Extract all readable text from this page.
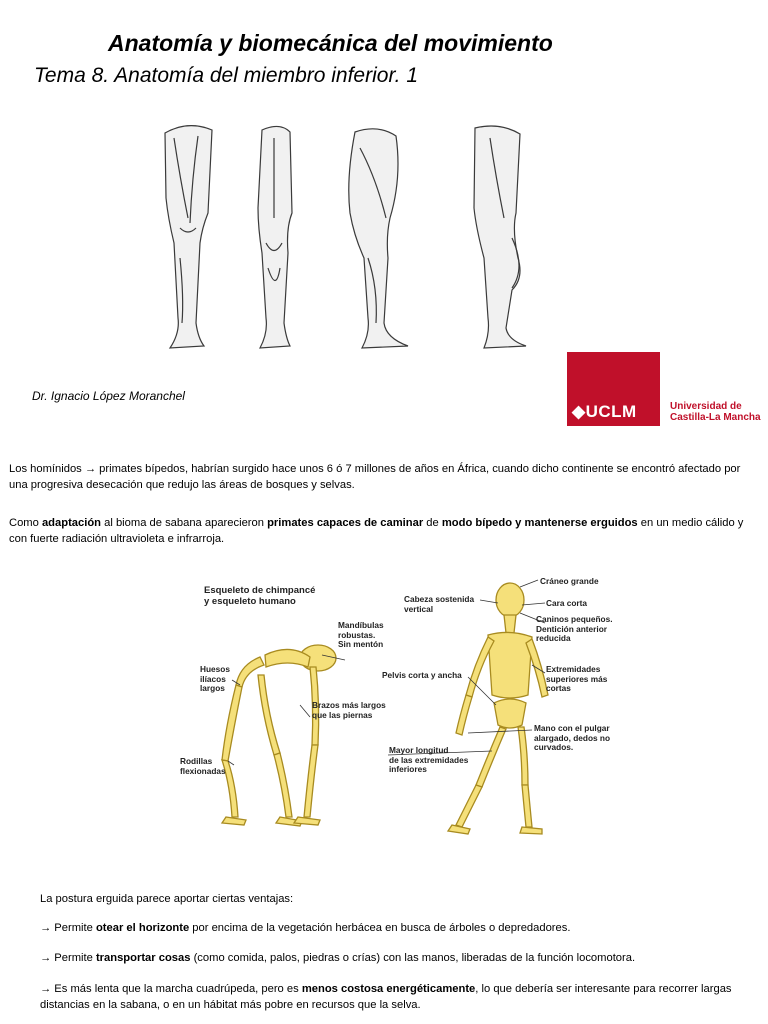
Anatomía y biomecánica del movimiento
Tema 8. Anatomía del miembro inferior. 1
Dr. Ignacio López Moranchel
◆UCLM	Universidad de
Castilla-La Mancha
Los homínidos → primates bípedos, habrían surgido hace unos 6 ó 7 millones de años en África, cuando dicho continente se encontró afectado por una progresiva desecación que redujo las áreas de bosques y selvas.
Como adaptación al bioma de sabana aparecieron primates capaces de caminar de modo bípedo y mantenerse erguidos en un medio cálido y con fuerte radiación ultravioleta e infrarroja.
Esqueleto de chimpancé
y esqueleto humano
Mandíbulas
robustas.
Sin mentón
Huesos
ilíacos
largos
Brazos más largos
que las piernas
Rodillas
flexionadas
Cráneo grande
Cabeza sostenida
vertical
Cara corta
Caninos pequeños.
Dentición anterior
reducida
Pelvis corta y ancha
Extremidades
superiores más
cortas
Mano con el pulgar
alargado, dedos no
curvados.
Mayor longitud
de las extremidades
inferiores
La postura erguida parece aportar ciertas ventajas:
→ Permite otear el horizonte por encima de la vegetación herbácea en busca de árboles o depredadores.
→ Permite transportar cosas (como comida, palos, piedras o crías) con las manos, liberadas de la función locomotora.
→ Es más lenta que la marcha cuadrúpeda, pero es menos costosa energéticamente, lo que debería ser interesante para recorrer largas distancias en la sabana, o en un hábitat más pobre en recursos que la selva.
